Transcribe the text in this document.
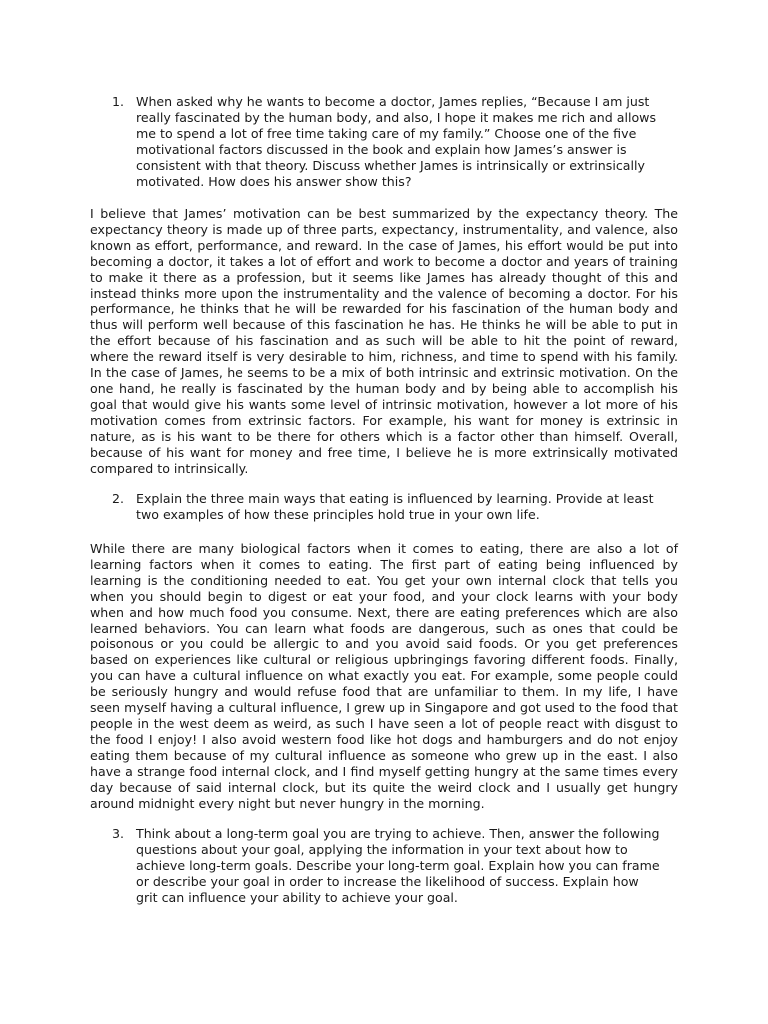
1. When asked why he wants to become a doctor, James replies, “Because I am just really fascinated by the human body, and also, I hope it makes me rich and allows me to spend a lot of free time taking care of my family.” Choose one of the five motivational factors discussed in the book and explain how James’s answer is consistent with that theory. Discuss whether James is intrinsically or extrinsically motivated. How does his answer show this?
I believe that James’ motivation can be best summarized by the expectancy theory. The expectancy theory is made up of three parts, expectancy, instrumentality, and valence, also known as effort, performance, and reward. In the case of James, his effort would be put into becoming a doctor, it takes a lot of effort and work to become a doctor and years of training to make it there as a profession, but it seems like James has already thought of this and instead thinks more upon the instrumentality and the valence of becoming a doctor. For his performance, he thinks that he will be rewarded for his fascination of the human body and thus will perform well because of this fascination he has. He thinks he will be able to put in the effort because of his fascination and as such will be able to hit the point of reward, where the reward itself is very desirable to him, richness, and time to spend with his family. In the case of James, he seems to be a mix of both intrinsic and extrinsic motivation. On the one hand, he really is fascinated by the human body and by being able to accomplish his goal that would give his wants some level of intrinsic motivation, however a lot more of his motivation comes from extrinsic factors. For example, his want for money is extrinsic in nature, as is his want to be there for others which is a factor other than himself. Overall, because of his want for money and free time, I believe he is more extrinsically motivated compared to intrinsically.
2. Explain the three main ways that eating is influenced by learning. Provide at least two examples of how these principles hold true in your own life.
While there are many biological factors when it comes to eating, there are also a lot of learning factors when it comes to eating. The first part of eating being influenced by learning is the conditioning needed to eat. You get your own internal clock that tells you when you should begin to digest or eat your food, and your clock learns with your body when and how much food you consume. Next, there are eating preferences which are also learned behaviors. You can learn what foods are dangerous, such as ones that could be poisonous or you could be allergic to and you avoid said foods. Or you get preferences based on experiences like cultural or religious upbringings favoring different foods. Finally, you can have a cultural influence on what exactly you eat. For example, some people could be seriously hungry and would refuse food that are unfamiliar to them. In my life, I have seen myself having a cultural influence, I grew up in Singapore and got used to the food that people in the west deem as weird, as such I have seen a lot of people react with disgust to the food I enjoy! I also avoid western food like hot dogs and hamburgers and do not enjoy eating them because of my cultural influence as someone who grew up in the east. I also have a strange food internal clock, and I find myself getting hungry at the same times every day because of said internal clock, but its quite the weird clock and I usually get hungry around midnight every night but never hungry in the morning.
3. Think about a long-term goal you are trying to achieve. Then, answer the following questions about your goal, applying the information in your text about how to achieve long-term goals. Describe your long-term goal. Explain how you can frame or describe your goal in order to increase the likelihood of success. Explain how grit can influence your ability to achieve your goal.
